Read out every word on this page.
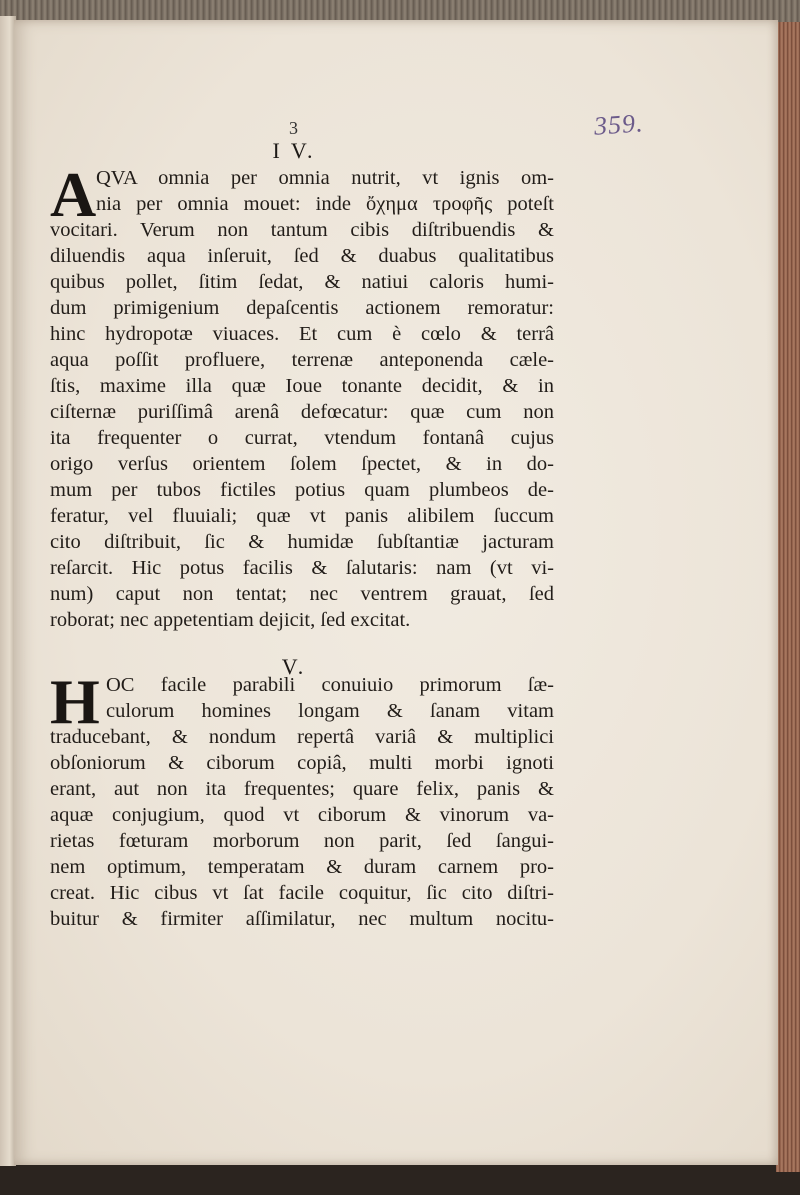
359.
3
I V.
A QVA omnia per omnia nutrit, vt ignis om-
nia per omnia mouet: inde ὄχημα τροφῆς poteſt
vocitari. Verum non tantum cibis diſtribuendis &
diluendis aqua inſeruit, ſed & duabus qualitatibus
quibus pollet, ſitim ſedat, & natiui caloris humi-
dum primigenium depaſcentis actionem remoratur:
hinc hydropotæ viuaces. Et cum è cœlo & terrâ
aqua poſſit profluere, terrenæ anteponenda cæle-
ſtis, maxime illa quæ Ioue tonante decidit, & in
ciſternæ puriſſimâ arenâ defœcatur: quæ cum non
ita frequenter o currat, vtendum fontanâ cujus
origo verſus orientem ſolem ſpectet, & in do-
mum per tubos fictiles potius quam plumbeos de-
feratur, vel fluuiali; quæ vt panis alibilem ſuccum
cito diſtribuit, ſic & humidæ ſubſtantiæ jacturam
reſarcit. Hic potus facilis & ſalutaris: nam (vt vi-
num) caput non tentat; nec ventrem grauat, ſed
roborat; nec appetentiam dejicit, ſed excitat.
V.
H OC facile parabili conuiuio primorum ſæ-
culorum homines longam & ſanam vitam
traducebant, & nondum repertâ variâ & multiplici
obſoniorum & ciborum copiâ, multi morbi ignoti
erant, aut non ita frequentes; quare felix, panis &
aquæ conjugium, quod vt ciborum & vinorum va-
rietas fœturam morborum non parit, ſed ſangui-
nem optimum, temperatam & duram carnem pro-
creat. Hic cibus vt ſat facile coquitur, ſic cito diſtri-
buitur & firmiter aſſimilatur, nec multum nocitu-
